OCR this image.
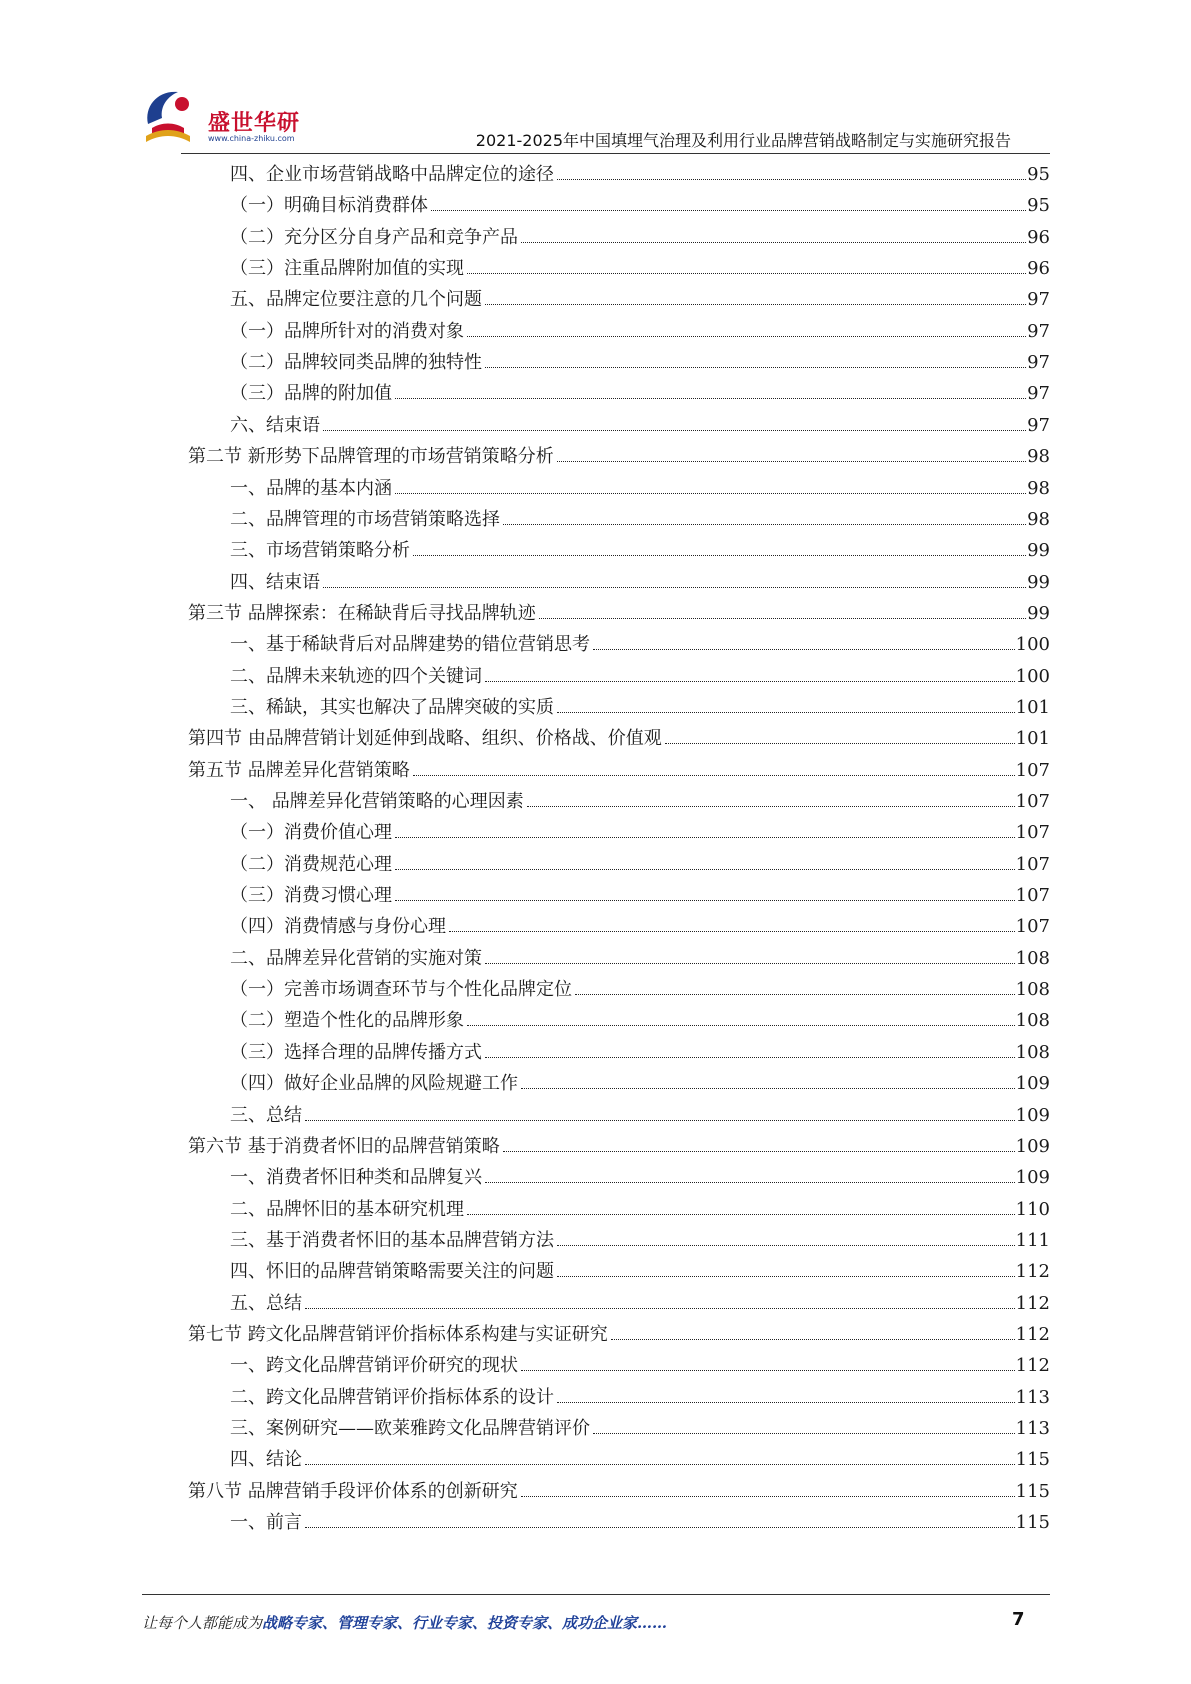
盛世华研
www.china-zhiku.com	2021-2025年中国填埋气治理及利用行业品牌营销战略制定与实施研究报告
四、企业市场营销战略中品牌定位的途径	95
（一）明确目标消费群体	95
（二）充分区分自身产品和竞争产品	96
（三）注重品牌附加值的实现	96
五、品牌定位要注意的几个问题	97
（一）品牌所针对的消费对象	97
（二）品牌较同类品牌的独特性	97
（三）品牌的附加值	97
六、结束语	97
第二节 新形势下品牌管理的市场营销策略分析	98
一、品牌的基本内涵	98
二、品牌管理的市场营销策略选择	98
三、市场营销策略分析	99
四、结束语	99
第三节 品牌探索：在稀缺背后寻找品牌轨迹	99
一、基于稀缺背后对品牌建势的错位营销思考	100
二、品牌未来轨迹的四个关键词	100
三、稀缺，其实也解决了品牌突破的实质	101
第四节 由品牌营销计划延伸到战略、组织、价格战、价值观	101
第五节 品牌差异化营销策略	107
一、 品牌差异化营销策略的心理因素	107
（一）消费价值心理	107
（二）消费规范心理	107
（三）消费习惯心理	107
（四）消费情感与身份心理	107
二、品牌差异化营销的实施对策	108
（一）完善市场调查环节与个性化品牌定位	108
（二）塑造个性化的品牌形象	108
（三）选择合理的品牌传播方式	108
（四）做好企业品牌的风险规避工作	109
三、总结	109
第六节 基于消费者怀旧的品牌营销策略	109
一、消费者怀旧种类和品牌复兴	109
二、品牌怀旧的基本研究机理	110
三、基于消费者怀旧的基本品牌营销方法	111
四、怀旧的品牌营销策略需要关注的问题	112
五、总结	112
第七节 跨文化品牌营销评价指标体系构建与实证研究	112
一、跨文化品牌营销评价研究的现状	112
二、跨文化品牌营销评价指标体系的设计	113
三、案例研究——欧莱雅跨文化品牌营销评价	113
四、结论	115
第八节 品牌营销手段评价体系的创新研究	115
一、前言	115
让每个人都能成为战略专家、管理专家、行业专家、投资专家、成功企业家……	7
